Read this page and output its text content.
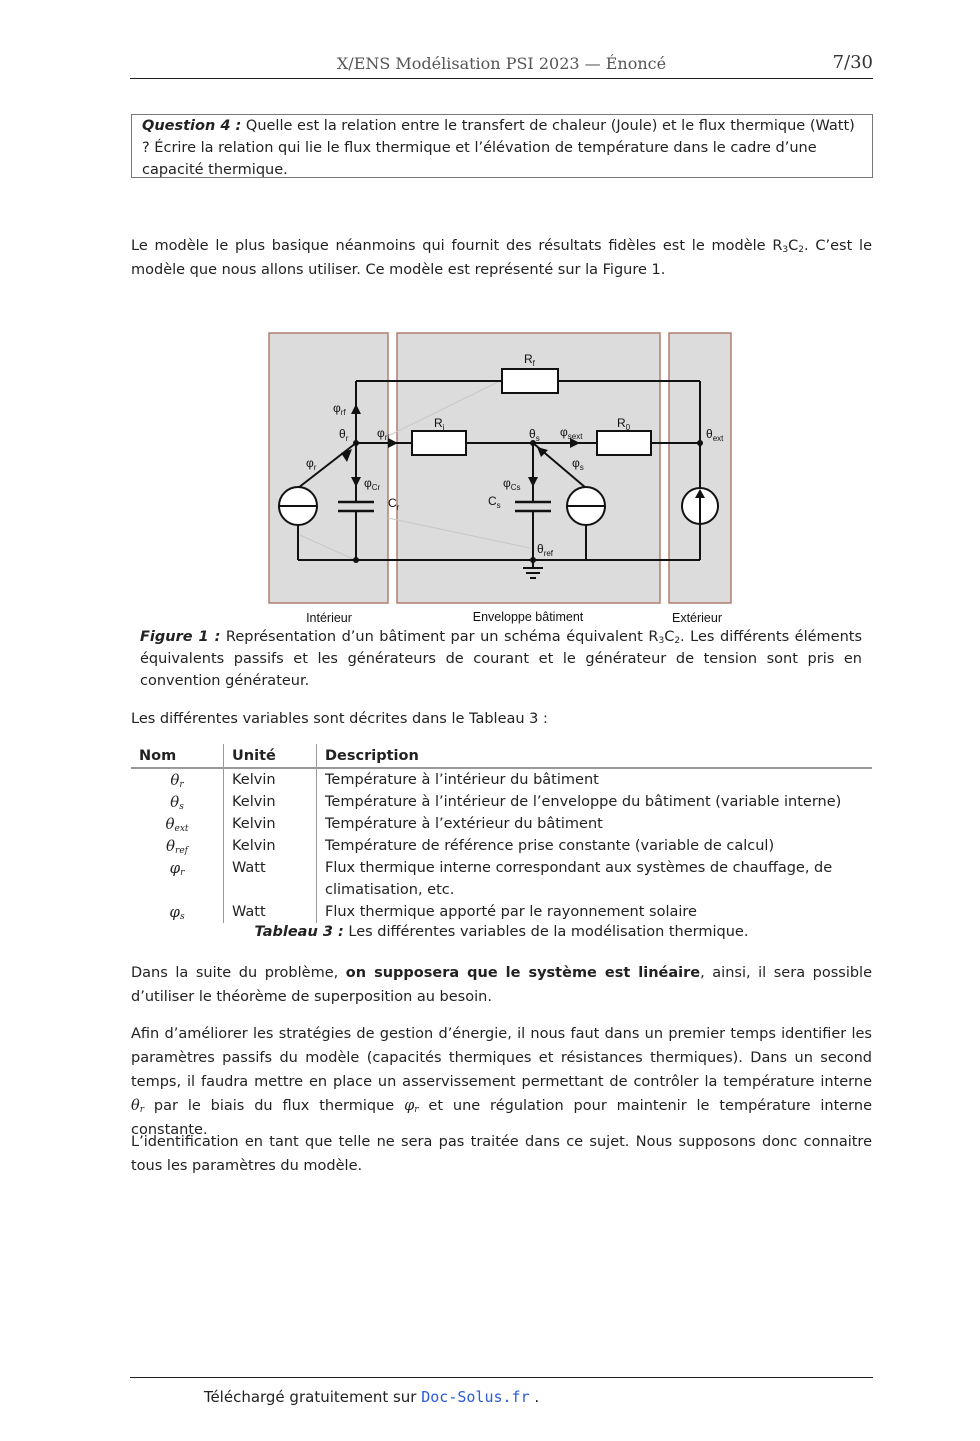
X/ENS Modélisation PSI 2023 — Énoncé	7/30

Question 4 : Quelle est la relation entre le transfert de chaleur (Joule) et le flux thermique (Watt) ? Écrire la relation qui lie le flux thermique et l’élévation de température dans le cadre d’une capacité thermique.

Le modèle le plus basique néanmoins qui fournit des résultats fidèles est le modèle $R_3C_2$. C’est le modèle que nous allons utiliser. Ce modèle est représenté sur la Figure 1.

$R_f$
$R_i$	$R_0$
$\varphi_{rf}$
$\theta_r$ $\varphi_{ri}$
$\varphi_r$
$\varphi_{Cr}$
$C_r$
$\theta_s$ $\varphi_{sext}$
$\varphi_s$
$\varphi_{Cs}$
$C_s$
$\theta_{ext}$
$\theta_{ref}$
Intérieur	Enveloppe bâtiment	Extérieur

Figure 1 : Représentation d’un bâtiment par un schéma équivalent $R_3C_2$. Les différents éléments équivalents passifs et les générateurs de courant et le générateur de tension sont pris en convention générateur.

Les différentes variables sont décrites dans le Tableau 3 :

Nom	Unité	Description
$\theta_r$	Kelvin	Température à l’intérieur du bâtiment
$\theta_s$	Kelvin	Température à l’intérieur de l’enveloppe du bâtiment (variable interne)
$\theta_{ext}$	Kelvin	Température à l’extérieur du bâtiment
$\theta_{ref}$	Kelvin	Température de référence prise constante (variable de calcul)
$\varphi_r$	Watt	Flux thermique interne correspondant aux systèmes de chauffage, de climatisation, etc.
$\varphi_s$	Watt	Flux thermique apporté par le rayonnement solaire
Tableau 3 : Les différentes variables de la modélisation thermique.

Dans la suite du problème, on supposera que le système est linéaire, ainsi, il sera possible d’utiliser le théorème de superposition au besoin.

Afin d’améliorer les stratégies de gestion d’énergie, il nous faut dans un premier temps identifier les paramètres passifs du modèle (capacités thermiques et résistances thermiques). Dans un second temps, il faudra mettre en place un asservissement permettant de contrôler la température interne $\theta_r$ par le biais du flux thermique $\varphi_r$ et une régulation pour maintenir le température interne constante.

L’identification en tant que telle ne sera pas traitée dans ce sujet. Nous supposons donc connaitre tous les paramètres du modèle.

Téléchargé gratuitement sur Doc-Solus.fr .
